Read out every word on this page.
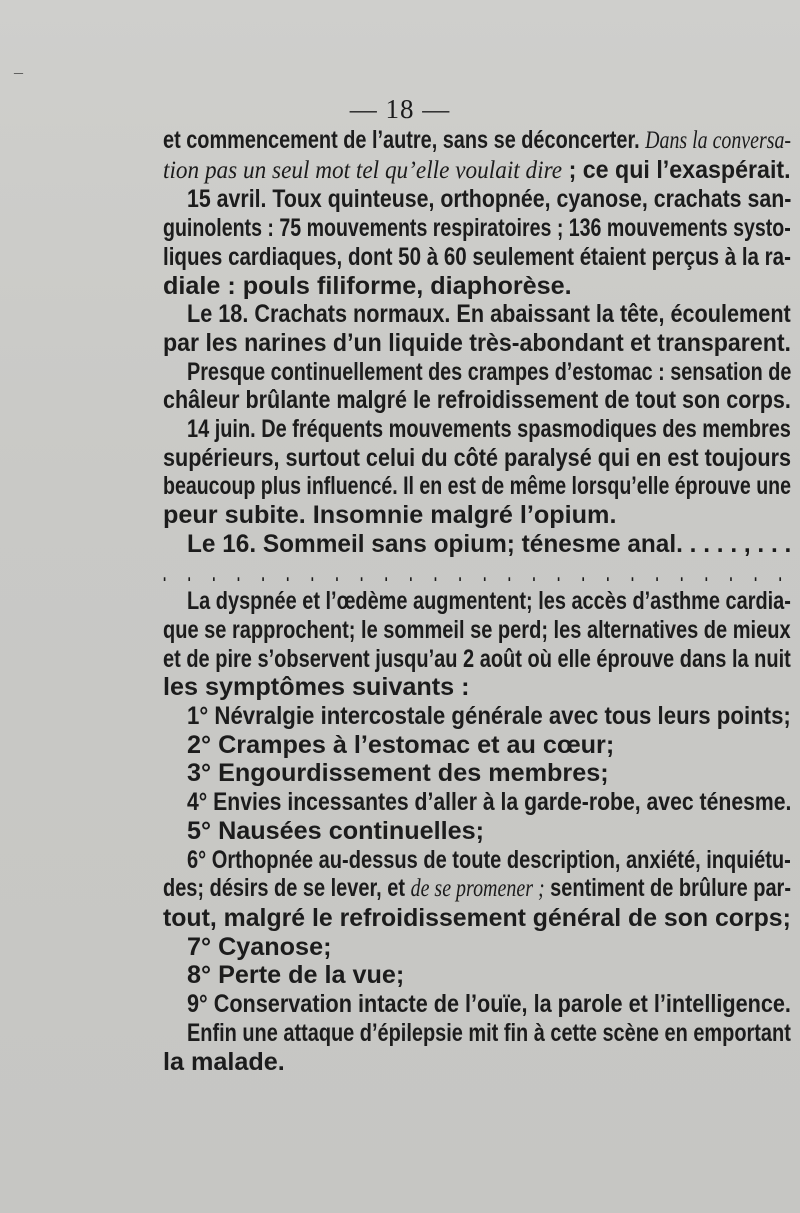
–
— 18 —
et commencement de l’autre, sans se déconcerter. Dans la conversa-
tion pas un seul mot tel qu’elle voulait dire ; ce qui l’exaspérait.
15 avril. Toux quinteuse, orthopnée, cyanose, crachats san-
guinolents : 75 mouvements respiratoires ; 136 mouvements systo-
liques cardiaques, dont 50 à 60 seulement étaient perçus à la ra-
diale : pouls filiforme, diaphorèse.
Le 18. Crachats normaux. En abaissant la tête, écoulement
par les narines d’un liquide très-abondant et transparent.
Presque continuellement des crampes d’estomac : sensation de
châleur brûlante malgré le refroidissement de tout son corps.
14 juin. De fréquents mouvements spasmodiques des membres
supérieurs, surtout celui du côté paralysé qui en est toujours
beaucoup plus influencé. Il en est de même lorsqu’elle éprouve une
peur subite. Insomnie malgré l’opium.
Le 16. Sommeil sans opium; ténesme anal. . . . . , . . .
. . . . . . . . . . . . . . . . . . . . . . . . . .
La dyspnée et l’œdème augmentent; les accès d’asthme cardia-
que se rapprochent; le sommeil se perd; les alternatives de mieux
et de pire s’observent jusqu’au 2 août où elle éprouve dans la nuit
les symptômes suivants :
1° Névralgie intercostale générale avec tous leurs points;
2° Crampes à l’estomac et au cœur;
3° Engourdissement des membres;
4° Envies incessantes d’aller à la garde-robe, avec ténesme.
5° Nausées continuelles;
6° Orthopnée au-dessus de toute description, anxiété, inquiétu-
des; désirs de se lever, et de se promener ; sentiment de brûlure par-
tout, malgré le refroidissement général de son corps;
7° Cyanose;
8° Perte de la vue;
9° Conservation intacte de l’ouïe, la parole et l’intelligence.
Enfin une attaque d’épilepsie mit fin à cette scène en emportant
la malade.
